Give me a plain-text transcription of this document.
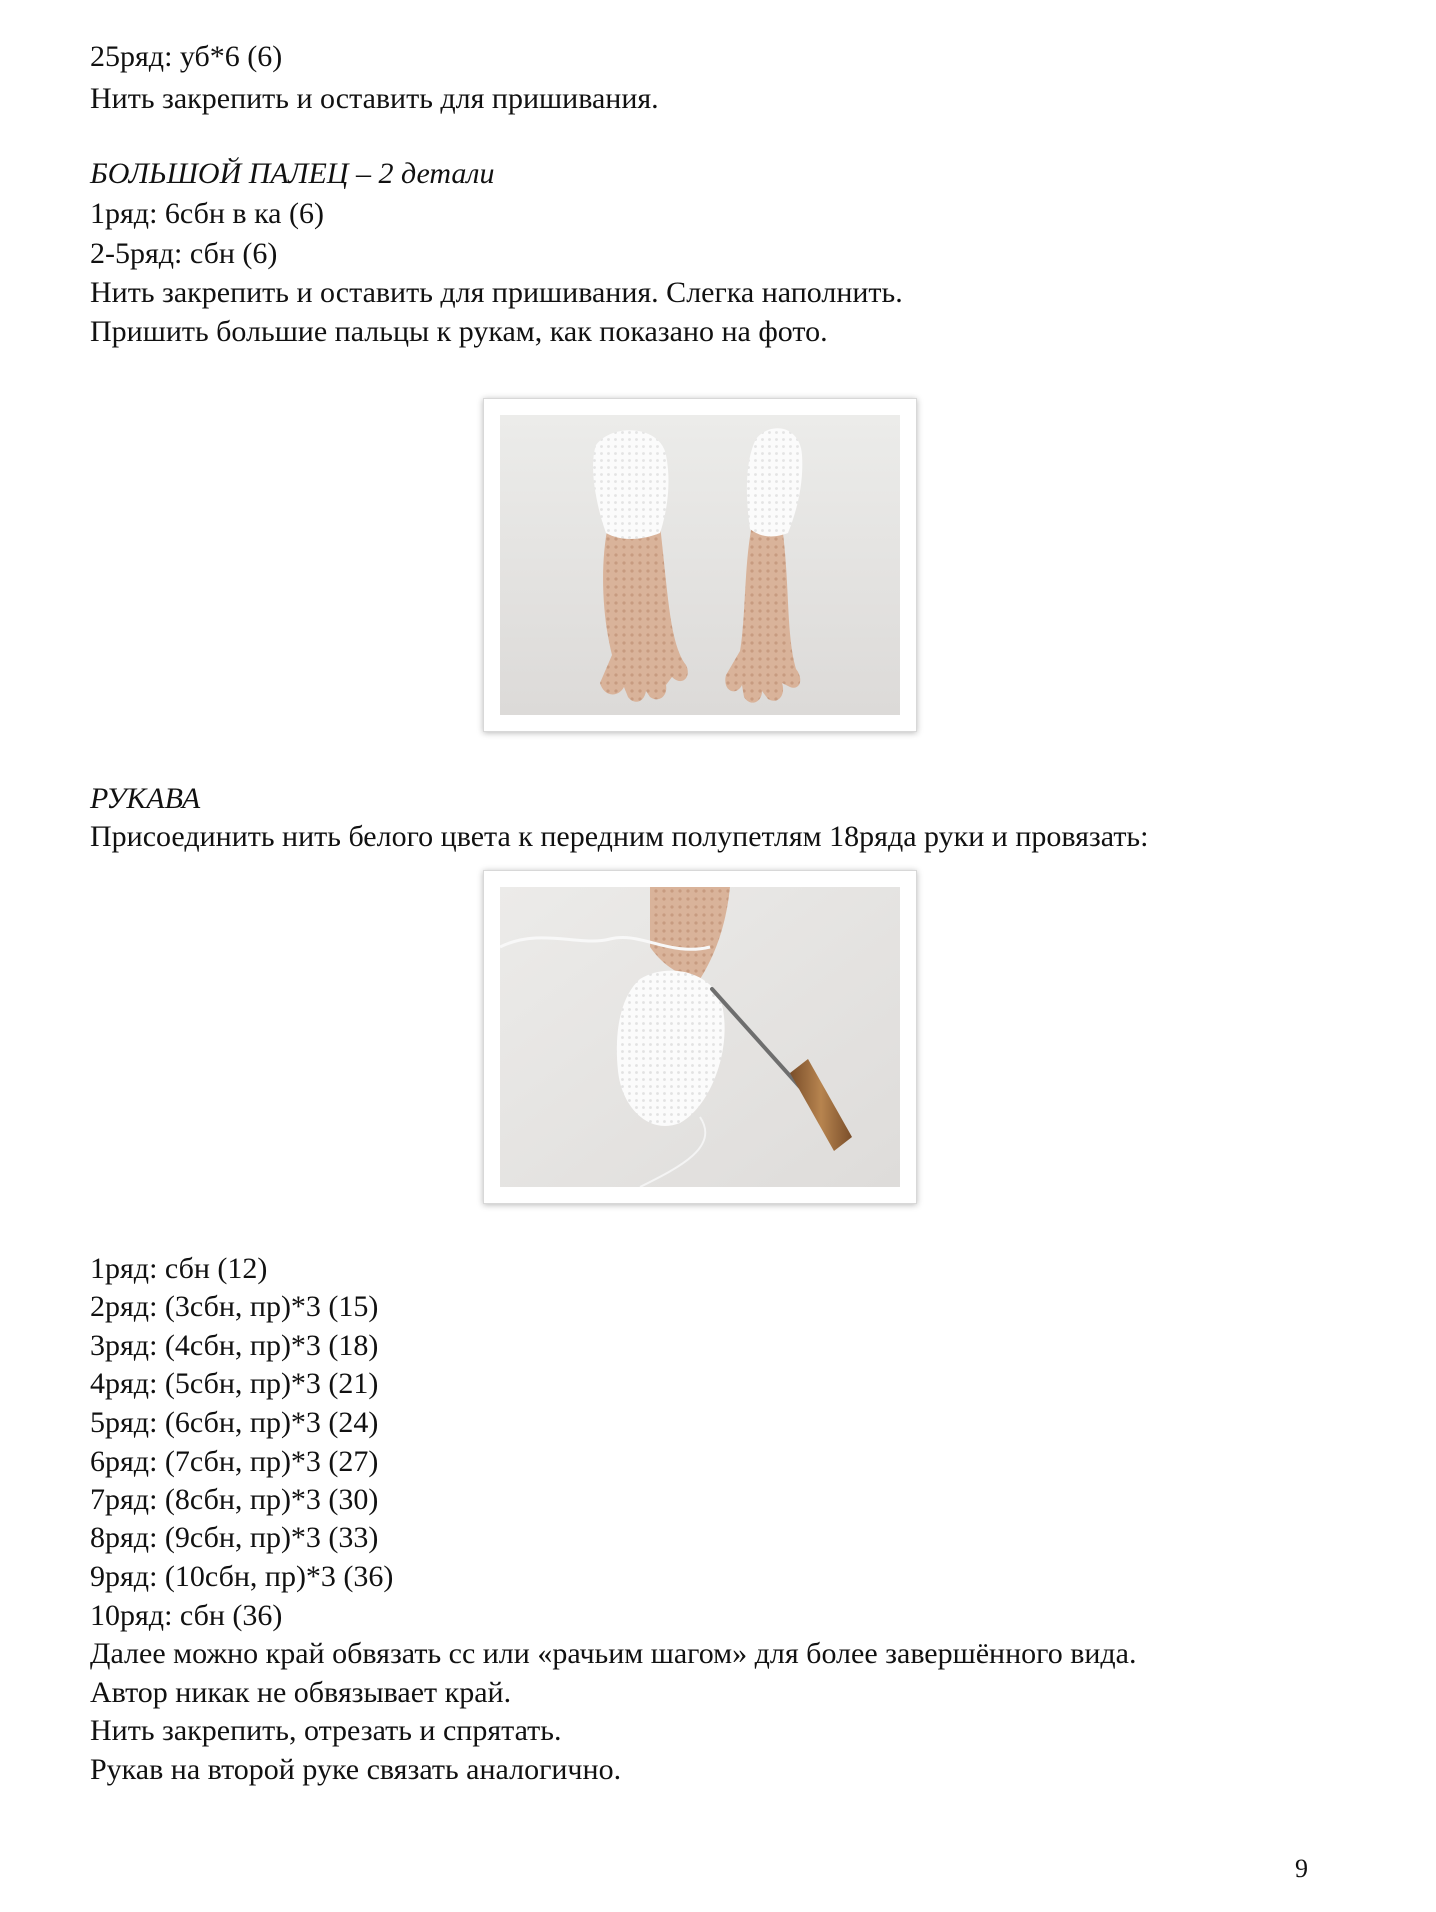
25ряд: уб*6 (6)

Нить закрепить и оставить для пришивания.

БОЛЬШОЙ ПАЛЕЦ – 2 детали

1ряд: 6сбн в ка (6)

2-5ряд: сбн (6)

Нить закрепить и оставить для пришивания. Слегка наполнить.

Пришить большие пальцы к рукам, как показано на фото.

РУКАВА

Присоединить нить белого цвета к передним полупетлям 18ряда руки и провязать:

1ряд: сбн (12)

2ряд: (3сбн, пр)*3 (15)

3ряд: (4сбн, пр)*3 (18)

4ряд: (5сбн, пр)*3 (21)

5ряд: (6сбн, пр)*3 (24)

6ряд: (7сбн, пр)*3 (27)

7ряд: (8сбн, пр)*3 (30)

8ряд: (9сбн, пр)*3 (33)

9ряд: (10сбн, пр)*3 (36)

10ряд: сбн (36)

Далее можно край обвязать сс или «рачьим шагом» для более завершённого вида.

Автор никак не обвязывает край.

Нить закрепить, отрезать и спрятать.

Рукав на второй руке связать аналогично.

9
